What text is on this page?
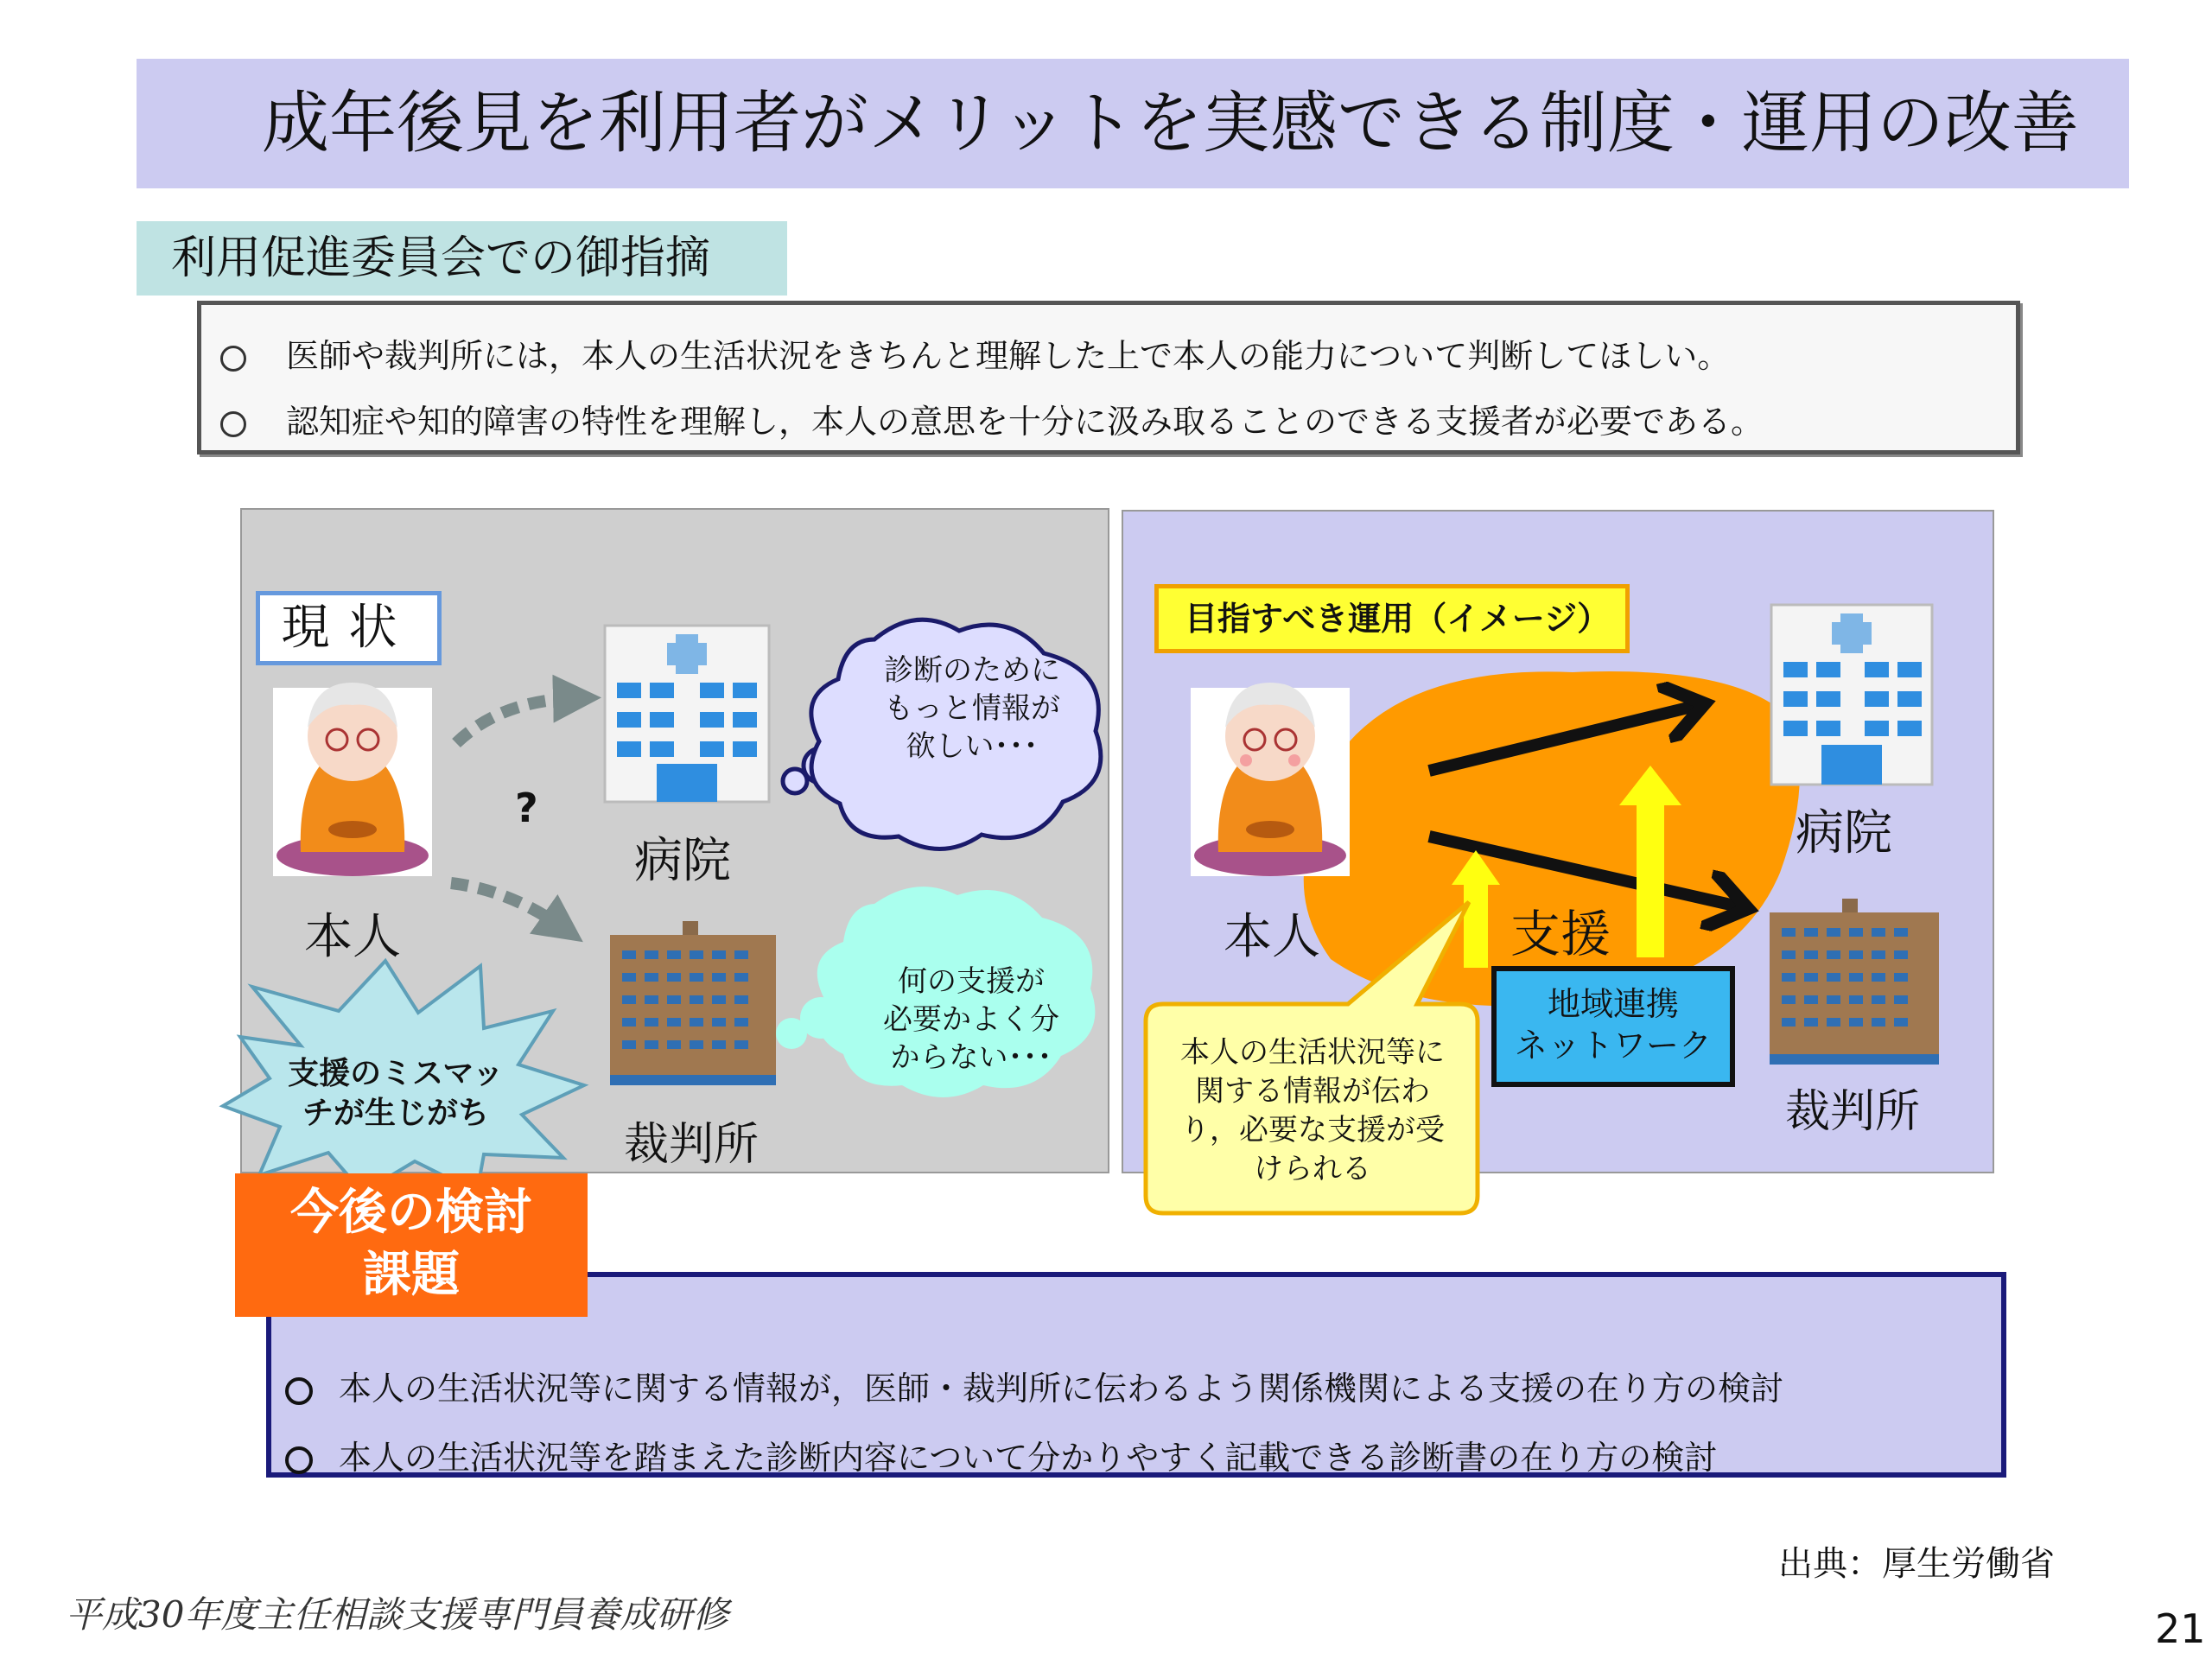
成年後見を利用者がメリットを実感できる制度・運用の改善
利用促進委員会での御指摘
医師や裁判所には，本人の生活状況をきちんと理解した上で本人の能力について判断してほしい。
認知症や知的障害の特性を理解し，本人の意思を十分に汲み取ることのできる支援者が必要である。
現状
本人
?
病院
裁判所
診断のために
もっと情報が
欲しい･･･
何の支援が
必要かよく分
からない･･･
支援のミスマッ
チが生じがち
目指すべき運用（イメージ）
本人	支援
病院
裁判所
地域連携
ネットワーク
本人の生活状況等に
関する情報が伝わ
り，必要な支援が受
けられる
本人の生活状況等に関する情報が，医師・裁判所に伝わるよう関係機関による支援の在り方の検討
本人の生活状況等を踏まえた診断内容について分かりやすく記載できる診断書の在り方の検討
今後の検討
課題
出典：厚生労働省
平成30年度主任相談支援専門員養成研修	21
